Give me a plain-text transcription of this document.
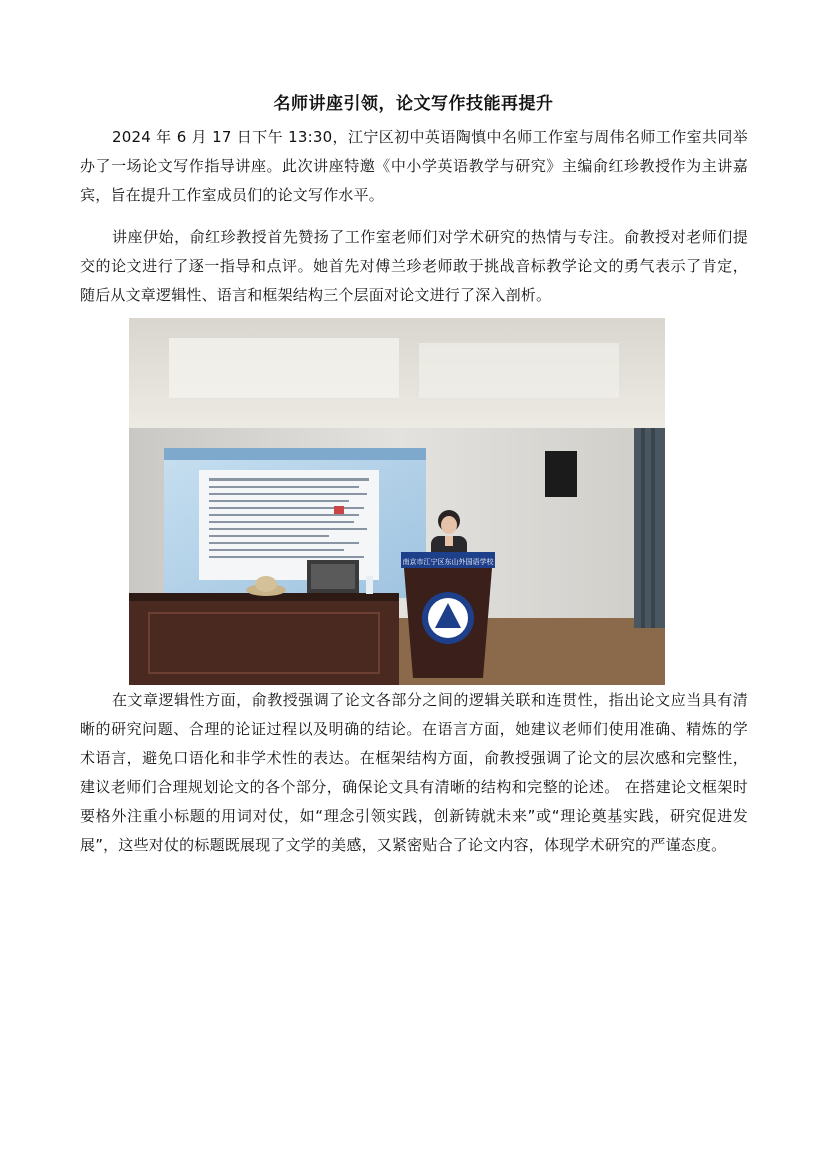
名师讲座引领，论文写作技能再提升

2024 年 6 月 17 日下午 13:30，江宁区初中英语陶慎中名师工作室与周伟名师工作室共同举办了一场论文写作指导讲座。此次讲座特邀《中小学英语教学与研究》主编俞红珍教授作为主讲嘉宾，旨在提升工作室成员们的论文写作水平。

讲座伊始，俞红珍教授首先赞扬了工作室老师们对学术研究的热情与专注。俞教授对老师们提交的论文进行了逐一指导和点评。她首先对傅兰珍老师敢于挑战音标教学论文的勇气表示了肯定，随后从文章逻辑性、语言和框架结构三个层面对论文进行了深入剖析。

南京市江宁区东山外国语学校

在文章逻辑性方面，俞教授强调了论文各部分之间的逻辑关联和连贯性，指出论文应当具有清晰的研究问题、合理的论证过程以及明确的结论。在语言方面，她建议老师们使用准确、精炼的学术语言，避免口语化和非学术性的表达。在框架结构方面，俞教授强调了论文的层次感和完整性，建议老师们合理规划论文的各个部分，确保论文具有清晰的结构和完整的论述。 在搭建论文框架时要格外注重小标题的用词对仗，如“理念引领实践，创新铸就未来”或“理论奠基实践，研究促进发展”，这些对仗的标题既展现了文学的美感，又紧密贴合了论文内容，体现学术研究的严谨态度。
